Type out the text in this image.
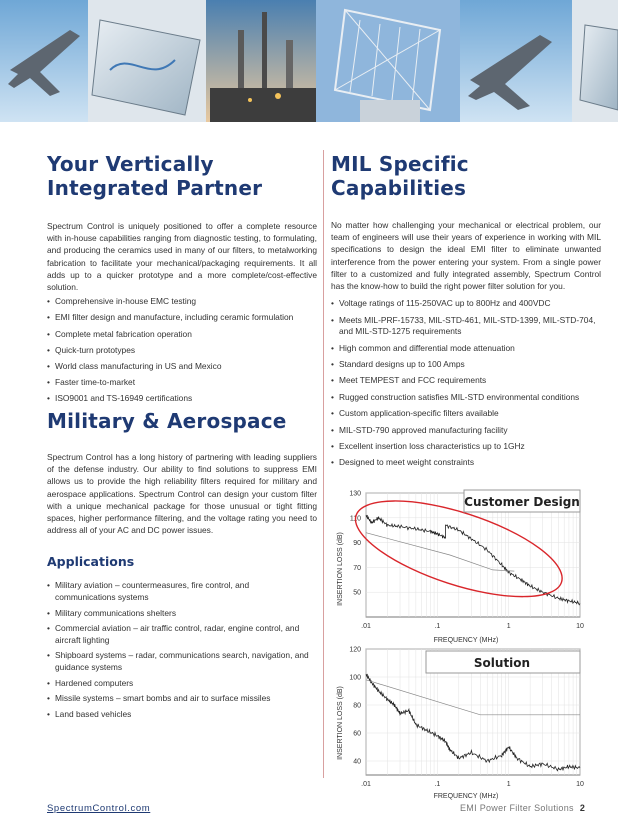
Your Vertically Integrated Partner

Spectrum Control is uniquely positioned to offer a complete resource with in-house capabilities ranging from diagnostic testing, to formulating, and producing the ceramics used in many of our filters, to metalworking fabrication to facilitate your mechanical/packaging requirements. It all adds up to a quicker prototype and a more complete/cost-effective solution.

• Comprehensive in-house EMC testing
• EMI filter design and manufacture, including ceramic formulation
• Complete metal fabrication operation
• Quick-turn prototypes
• World class manufacturing in US and Mexico
• Faster time-to-market
• ISO9001 and TS-16949 certifications
Military & Aerospace

Spectrum Control has a long history of partnering with leading suppliers of the defense industry. Our ability to find solutions to suppress EMI allows us to provide the high reliability filters required for military and aerospace applications. Spectrum Control can design your custom filter with a unique mechanical package for those unusual or tight fitting spaces, higher performance filtering, and the voltage rating you need to address all of your AC and DC power issues.

Applications
• Military aviation – countermeasures, fire control, and communications systems
• Military communications shelters
• Commercial aviation – air traffic control, radar, engine control, and aircraft lighting
• Shipboard systems – radar, communications search, navigation, and guidance systems
• Hardened computers
• Missile systems – smart bombs and air to surface missiles
• Land based vehicles
MIL Specific Capabilities

No matter how challenging your mechanical or electrical problem, our team of engineers will use their years of experience in working with MIL specifications to design the ideal EMI filter to eliminate unwanted interference from the power entering your system. From a single power filter to a customized and fully integrated assembly, Spectrum Control has the know-how to build the right power filter solution for you.

• Voltage ratings of 115-250VAC up to 800Hz and 400VDC
• Meets MIL-PRF-15733, MIL-STD-461, MIL-STD-1399, MIL-STD-704, and MIL-STD-1275 requirements
• High common and differential mode attenuation
• Standard designs up to 100 Amps
• Meet TEMPEST and FCC requirements
• Rugged construction satisfies MIL-STD environmental conditions
• Custom application-specific filters available
• MIL-STD-790 approved manufacturing facility
• Excellent insertion loss characteristics up to 1GHz
• Designed to meet weight constraints
INSERTION LOSS (dB)
FREQUENCY (MHz)
130
110
90
70
50
.01	.1	1	10
Customer Design
INSERTION LOSS (dB)
FREQUENCY (MHz)
120
100
80
60
40
.01	.1	1	10
Solution
SpectrumControl.com	EMI Power Filter Solutions 2
